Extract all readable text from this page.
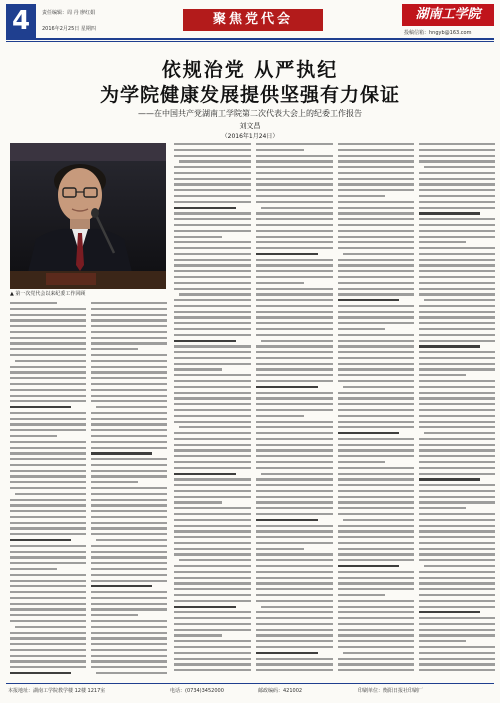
4	责任编辑：周 丹 廖红娟
2016年2月25日 星期四
聚焦党代会	湖南工学院
投稿信箱：hngyb@163.com
依规治党 从严执纪
为学院健康发展提供坚强有力保证
——在中国共产党湖南工学院第二次代表大会上的纪委工作报告
刘文昌
（2016年1月24日）
▲ 第一次党代会以来纪委工作回顾
本报地址：湖南工学院教学楼 12楼 1217室	电话：(0734)3452000	邮政编码：421002	印刷单位：衡阳日报社印刷厂
